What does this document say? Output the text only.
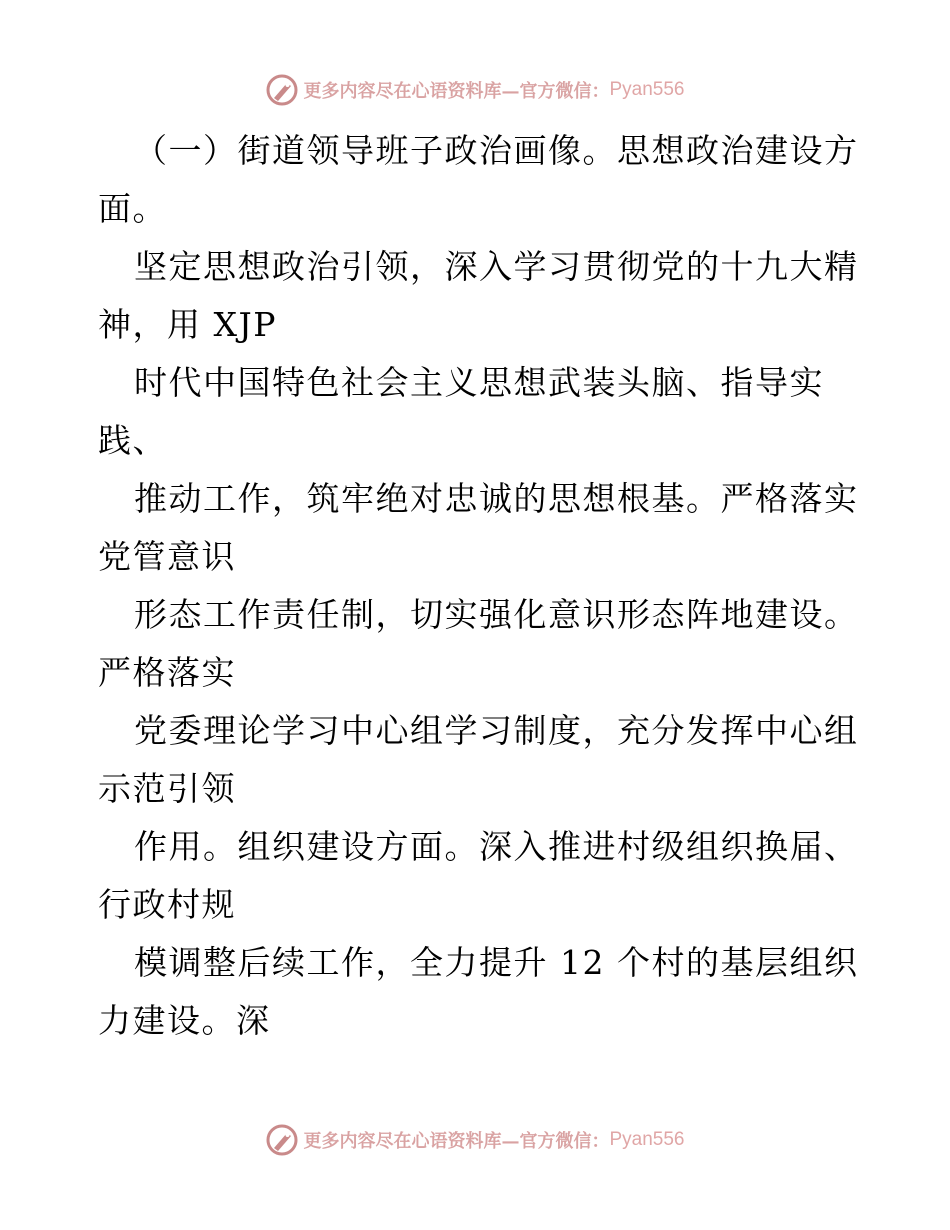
更多内容尽在心语资料库—官方微信： Pyan556
（一）街道领导班子政治画像。思想政治建设方
面。
坚定思想政治引领，深入学习贯彻党的十九大精
神，用 XJP
时代中国特色社会主义思想武装头脑、指导实
践、
推动工作，筑牢绝对忠诚的思想根基。严格落实
党管意识
形态工作责任制，切实强化意识形态阵地建设。
严格落实
党委理论学习中心组学习制度，充分发挥中心组
示范引领
作用。组织建设方面。深入推进村级组织换届、
行政村规
模调整后续工作，全力提升 12 个村的基层组织
力建设。深
更多内容尽在心语资料库—官方微信： Pyan556
